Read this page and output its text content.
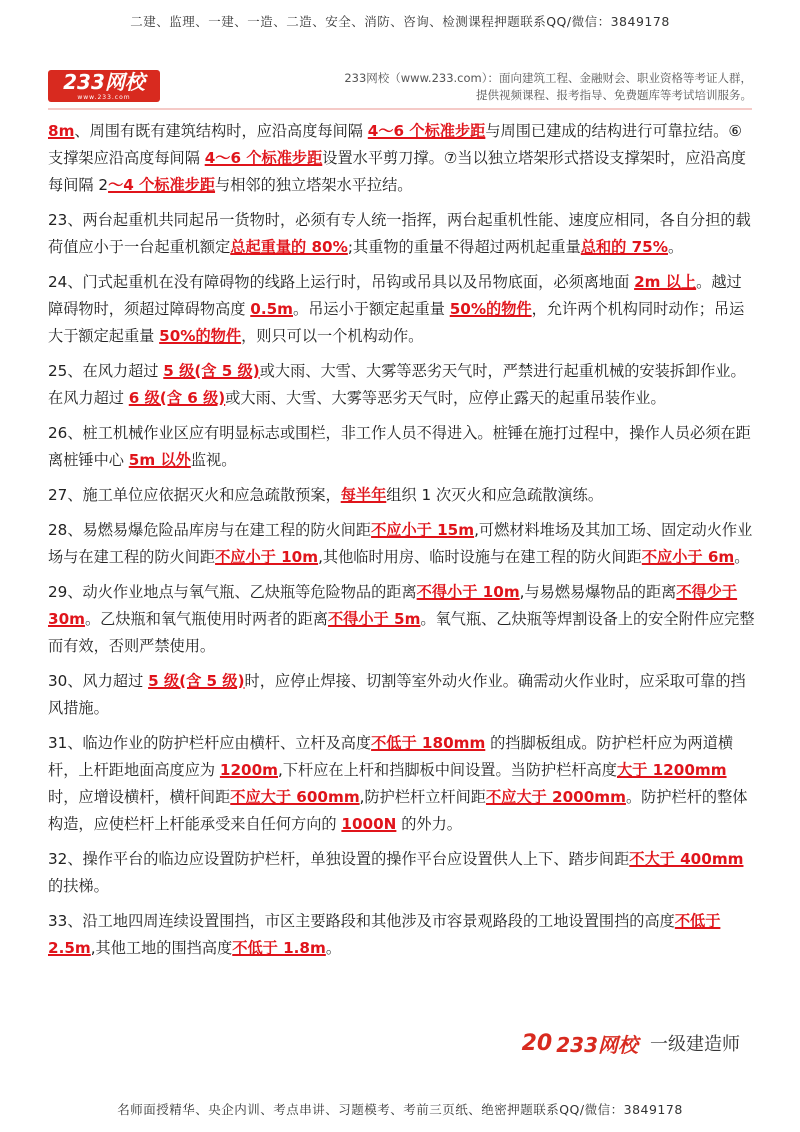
二建、监理、一建、一造、二造、安全、消防、咨询、检测课程押题联系QQ/微信：3849178
233网校
www.233.com
233网校（www.233.com）：面向建筑工程、金融财会、职业资格等考证人群，
提供视频课程、报考指导、免费题库等考试培训服务。

8m、周围有既有建筑结构时，应沿高度每间隔 4～6 个标准步距与周围已建成的结构进行可靠拉结。⑥支撑架应沿高度每间隔 4～6 个标准步距设置水平剪刀撑。⑦当以独立塔架形式搭设支撑架时，应沿高度每间隔 2～4 个标准步距与相邻的独立塔架水平拉结。

23、两台起重机共同起吊一货物时，必须有专人统一指挥，两台起重机性能、速度应相同，各自分担的载荷值应小于一台起重机额定总起重量的 80%;其重物的重量不得超过两机起重量总和的 75%。

24、门式起重机在没有障碍物的线路上运行时，吊钩或吊具以及吊物底面，必须离地面 2m 以上。越过障碍物时，须超过障碍物高度 0.5m。吊运小于额定起重量 50%的物件，允许两个机构同时动作；吊运大于额定起重量 50%的物件，则只可以一个机构动作。

25、在风力超过 5 级(含 5 级)或大雨、大雪、大雾等恶劣天气时，严禁进行起重机械的安装拆卸作业。在风力超过 6 级(含 6 级)或大雨、大雪、大雾等恶劣天气时，应停止露天的起重吊装作业。

26、桩工机械作业区应有明显标志或围栏，非工作人员不得进入。桩锤在施打过程中，操作人员必须在距离桩锤中心 5m 以外监视。

27、施工单位应依据灭火和应急疏散预案，每半年组织 1 次灭火和应急疏散演练。

28、易燃易爆危险品库房与在建工程的防火间距不应小于 15m,可燃材料堆场及其加工场、固定动火作业场与在建工程的防火间距不应小于 10m,其他临时用房、临时设施与在建工程的防火间距不应小于 6m。

29、动火作业地点与氧气瓶、乙炔瓶等危险物品的距离不得小于 10m,与易燃易爆物品的距离不得少于 30m。乙炔瓶和氧气瓶使用时两者的距离不得小于 5m。氧气瓶、乙炔瓶等焊割设备上的安全附件应完整而有效，否则严禁使用。

30、风力超过 5 级(含 5 级)时，应停止焊接、切割等室外动火作业。确需动火作业时，应采取可靠的挡风措施。

31、临边作业的防护栏杆应由横杆、立杆及高度不低于 180mm 的挡脚板组成。防护栏杆应为两道横杆，上杆距地面高度应为 1200m,下杆应在上杆和挡脚板中间设置。当防护栏杆高度大于 1200mm 时，应增设横杆，横杆间距不应大于 600mm,防护栏杆立杆间距不应大于 2000mm。防护栏杆的整体构造，应使栏杆上杆能承受来自任何方向的 1000N 的外力。

32、操作平台的临边应设置防护栏杆，单独设置的操作平台应设置供人上下、踏步间距不大于 400mm 的扶梯。

33、沿工地四周连续设置围挡，市区主要路段和其他涉及市容景观路段的工地设置围挡的高度不低于 2.5m,其他工地的围挡高度不低于 1.8m。

20 233网校 一级建造师
名师面授精华、央企内训、考点串讲、习题模考、考前三页纸、绝密押题联系QQ/微信：3849178
